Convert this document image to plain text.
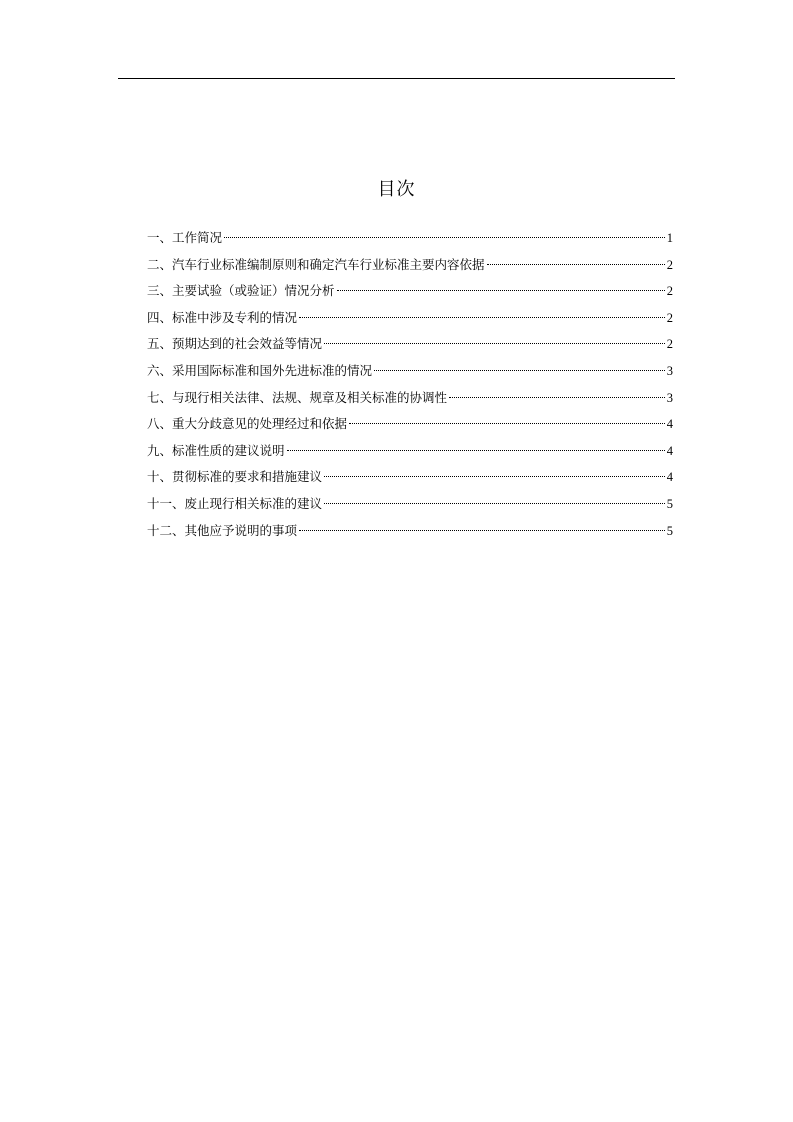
目次
一、工作简况	1
二、汽车行业标准编制原则和确定汽车行业标准主要内容依据	2
三、主要试验（或验证）情况分析	2
四、标准中涉及专利的情况	2
五、预期达到的社会效益等情况	2
六、采用国际标准和国外先进标准的情况	3
七、与现行相关法律、法规、规章及相关标准的协调性	3
八、重大分歧意见的处理经过和依据	4
九、标准性质的建议说明	4
十、贯彻标准的要求和措施建议	4
十一、废止现行相关标准的建议	5
十二、其他应予说明的事项	5
